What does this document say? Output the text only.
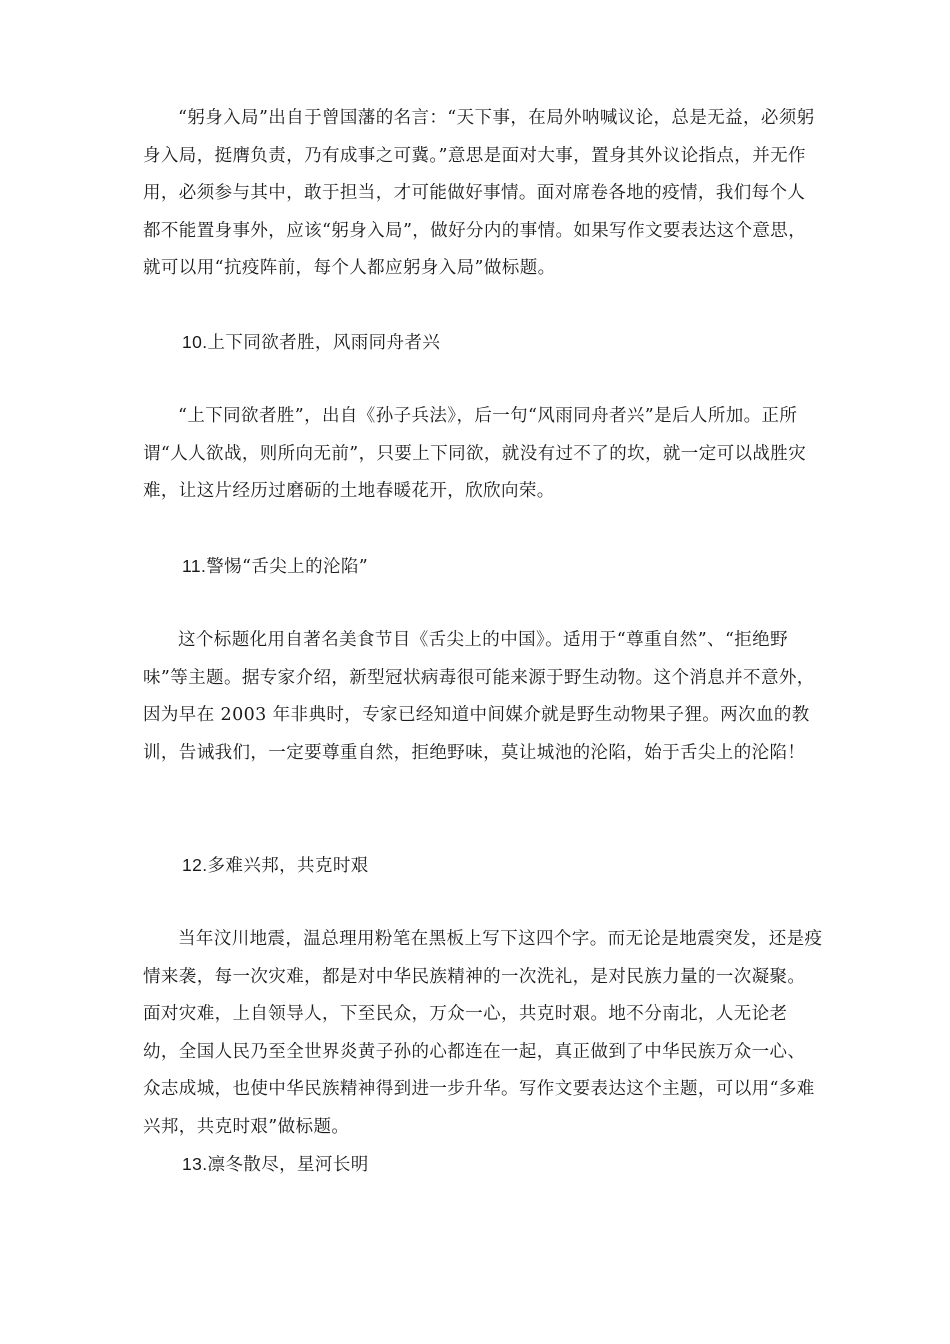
“躬身入局”出自于曾国藩的名言：“天下事，在局外呐喊议论，总是无益，必须躬身入局，挺膺负责，乃有成事之可冀。”意思是面对大事，置身其外议论指点，并无作用，必须参与其中，敢于担当，才可能做好事情。面对席卷各地的疫情，我们每个人都不能置身事外，应该“躬身入局”，做好分内的事情。如果写作文要表达这个意思，就可以用“抗疫阵前，每个人都应躬身入局”做标题。

10.上下同欲者胜，风雨同舟者兴

“上下同欲者胜”，出自《孙子兵法》，后一句“风雨同舟者兴”是后人所加。正所谓“人人欲战，则所向无前”，只要上下同欲，就没有过不了的坎，就一定可以战胜灾难，让这片经历过磨砺的土地春暖花开，欣欣向荣。

11.警惕“舌尖上的沦陷”

这个标题化用自著名美食节目《舌尖上的中国》。适用于“尊重自然”、“拒绝野味”等主题。据专家介绍，新型冠状病毒很可能来源于野生动物。这个消息并不意外，因为早在 2003 年非典时，专家已经知道中间媒介就是野生动物果子狸。两次血的教训，告诫我们，一定要尊重自然，拒绝野味，莫让城池的沦陷，始于舌尖上的沦陷！

12.多难兴邦，共克时艰

当年汶川地震，温总理用粉笔在黑板上写下这四个字。而无论是地震突发，还是疫情来袭，每一次灾难，都是对中华民族精神的一次洗礼，是对民族力量的一次凝聚。面对灾难，上自领导人，下至民众，万众一心，共克时艰。地不分南北，人无论老幼，全国人民乃至全世界炎黄子孙的心都连在一起，真正做到了中华民族万众一心、众志成城，也使中华民族精神得到进一步升华。写作文要表达这个主题，可以用“多难兴邦，共克时艰”做标题。

13.凛冬散尽，星河长明
